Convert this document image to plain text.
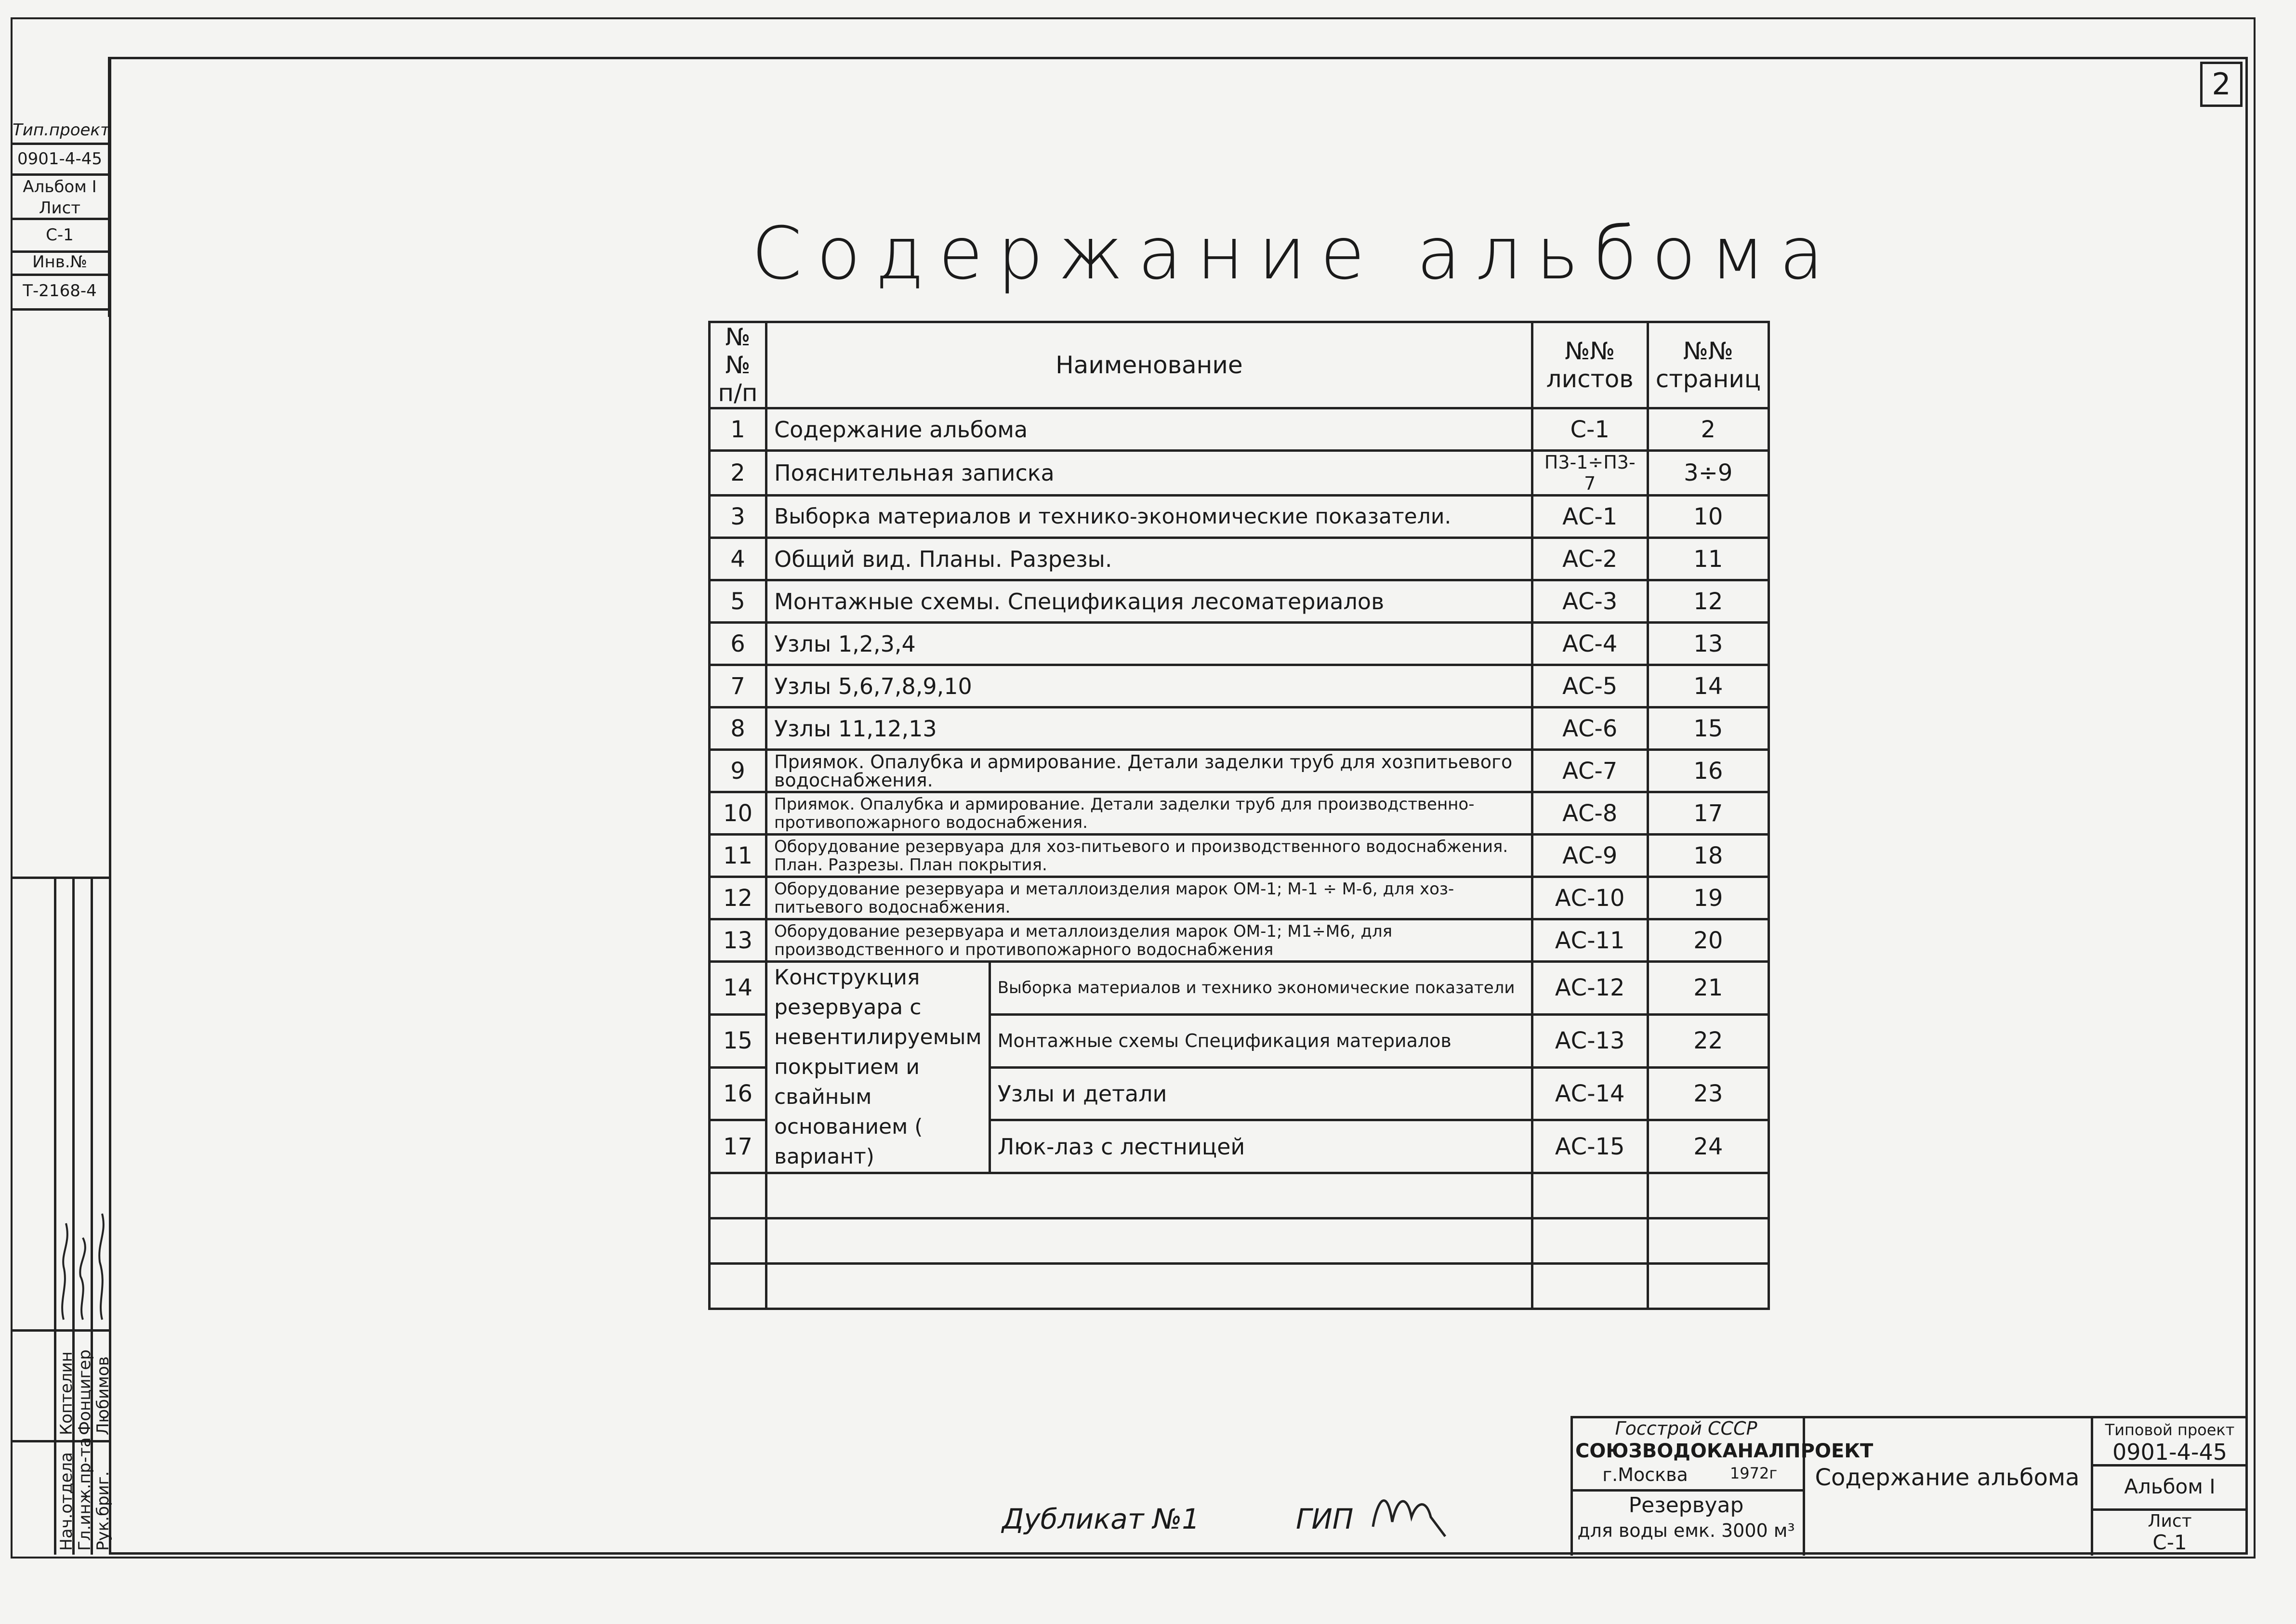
2
Тип.проект
0901-4-45
Альбом I
Лист
С-1
Инв.№
Т-2168-4
Нач.отдела
Гл.инж.пр-та
Рук.бриг.
Коптелин
Фонцигер
Любимов
Содержание альбома
№№ п/п	Наименование		№№ листов	№№ страниц
1	Содержание альбома		С-1	2
2	Пояснительная записка		П3-1÷П3-7	3÷9
3	Выборка материалов и технико-экономические показатели.		АС-1	10
4	Общий вид. Планы. Разрезы.		АС-2	11
5	Монтажные схемы. Спецификация лесоматериалов		АС-3	12
6	Узлы 1,2,3,4		АС-4	13
7	Узлы 5,6,7,8,9,10		АС-5	14
8	Узлы 11,12,13		АС-6	15
9	Приямок. Опалубка и армирование. Детали заделки труб для хозпитьевого водоснабжения.		АС-7	16
10	Приямок. Опалубка и армирование. Детали заделки труб для производственно-противопожарного водоснабжения.		АС-8	17
11	Оборудование резервуара для хоз-питьевого и производственного водоснабжения. План. Разрезы. План покрытия.		АС-9	18
12	Оборудование резервуара и металлоизделия марок ОМ-1; М-1 ÷ М-6, для хоз-питьевого водоснабжения.		АС-10	19
13	Оборудование резервуара и металлоизделия марок ОМ-1; М1÷М6, для производственного и противопожарного водоснабжения		АС-11	20
14	Конструкция резервуара с невентилируемым покрытием и свайным основанием ( вариант)	Выборка материалов и технико экономические показатели	АС-12	21
15		Монтажные схемы Спецификация материалов	АС-13	22
16		Узлы и детали	АС-14	23
17		Люк-лаз с лестницей	АС-15	24

Дубликат №1	ГИП
Госстрой СССР
СОЮЗВОДОКАНАЛПРОЕКТ
г.Москва	1972г
Резервуар
для воды емк. 3000 м³
Содержание альбома
Типовой проект
0901-4-45
Альбом I
Лист
С-1
